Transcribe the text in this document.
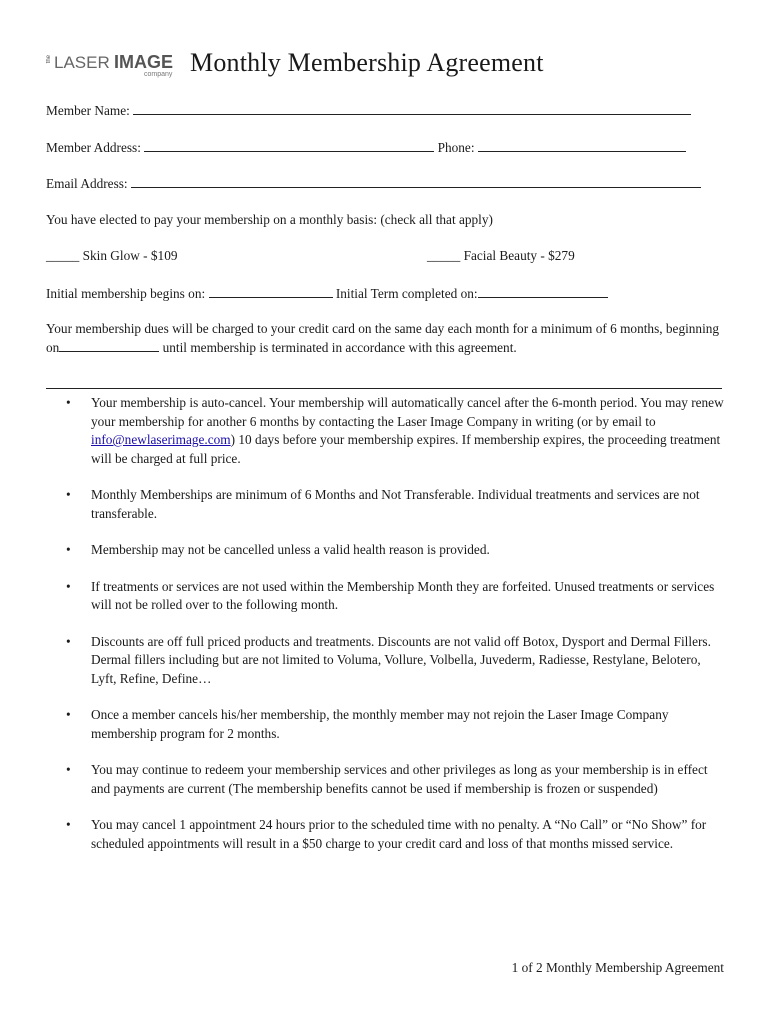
the LASER IMAGE
company Monthly Membership Agreement
Member Name:
Member Address:	Phone:
Email Address:
You have elected to pay your membership on a monthly basis: (check all that apply)
_____ Skin Glow - $109	_____ Facial Beauty - $279
Initial membership begins on:	Initial Term completed on:
Your membership dues will be charged to your credit card on the same day each month for a minimum of 6 months, beginning on	until membership is terminated in accordance with this agreement.
• Your membership is auto-cancel. Your membership will automatically cancel after the 6-month period. You may renew your membership for another 6 months by contacting the Laser Image Company in writing (or by email to info@newlaserimage.com) 10 days before your membership expires. If membership expires, the proceeding treatment will be charged at full price.
• Monthly Memberships are minimum of 6 Months and Not Transferable. Individual treatments and services are not transferable.
• Membership may not be cancelled unless a valid health reason is provided.
• If treatments or services are not used within the Membership Month they are forfeited. Unused treatments or services will not be rolled over to the following month.
• Discounts are off full priced products and treatments. Discounts are not valid off Botox, Dysport and Dermal Fillers. Dermal fillers including but are not limited to Voluma, Vollure, Volbella, Juvederm, Radiesse, Restylane, Belotero, Lyft, Refine, Define…
• Once a member cancels his/her membership, the monthly member may not rejoin the Laser Image Company membership program for 2 months.
• You may continue to redeem your membership services and other privileges as long as your membership is in effect and payments are current (The membership benefits cannot be used if membership is frozen or suspended)
• You may cancel 1 appointment 24 hours prior to the scheduled time with no penalty. A “No Call” or “No Show” for scheduled appointments will result in a $50 charge to your credit card and loss of that months missed service.
1 of 2 Monthly Membership Agreement
